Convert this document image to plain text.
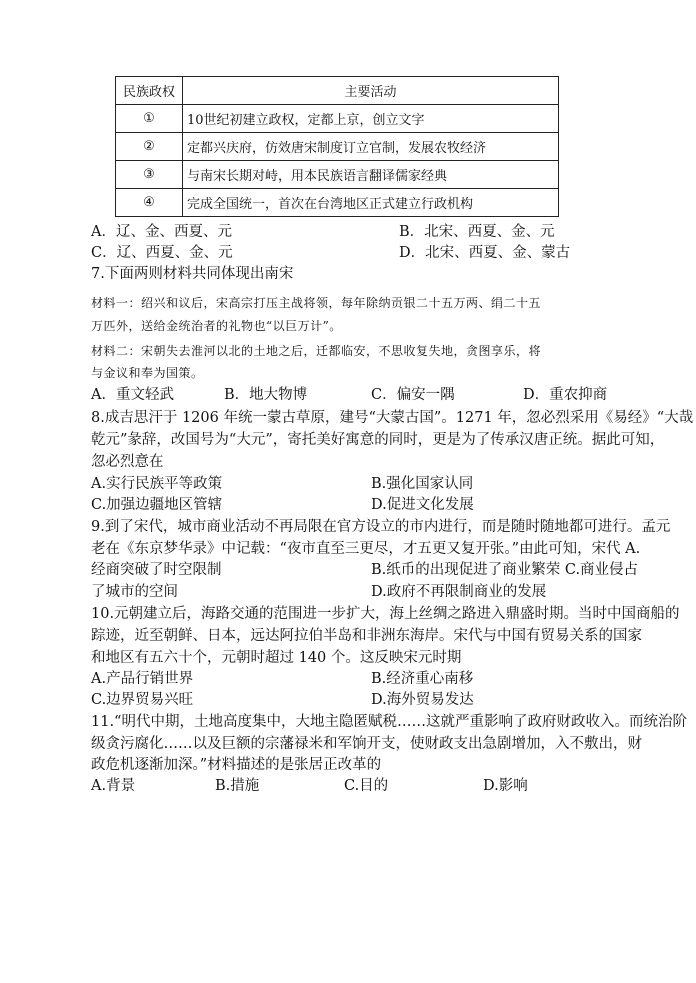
民族政权	主要活动
①	10世纪初建立政权，定都上京，创立文字
②	定都兴庆府，仿效唐宋制度订立官制，发展农牧经济
③	与南宋长期对峙，用本民族语言翻译儒家经典
④	完成全国统一，首次在台湾地区正式建立行政机构
A．辽、金、西夏、元	B．北宋、西夏、金、元
C．辽、西夏、金、元	D．北宋、西夏、金、蒙古
7.下面两则材料共同体现出南宋
材料一：绍兴和议后，宋高宗打压主战将领，每年除纳贡银二十五万两、绢二十五
万匹外，送给金统治者的礼物也“以巨万计”。
材料二：宋朝失去淮河以北的土地之后，迁都临安，不思收复失地，贪图享乐，将
与金议和奉为国策。
A．重文轻武	B．地大物博	C．偏安一隅	D．重农抑商
8.成吉思汗于 1206 年统一蒙古草原，建号“大蒙古国”。1271 年，忽必烈采用《易经》“大哉
乾元”彖辞，改国号为“大元”，寄托美好寓意的同时，更是为了传承汉唐正统。据此可知，
忽必烈意在
A.实行民族平等政策	B.强化国家认同
C.加强边疆地区管辖	D.促进文化发展
9.到了宋代，城市商业活动不再局限在官方设立的市内进行，而是随时随地都可进行。孟元
老在《东京梦华录》中记载：“夜市直至三更尽，才五更又复开张。”由此可知，宋代 A.
经商突破了时空限制	B.纸币的出现促进了商业繁荣 C.商业侵占
了城市的空间	D.政府不再限制商业的发展
10.元朝建立后，海路交通的范围进一步扩大，海上丝绸之路进入鼎盛时期。当时中国商船的
踪迹，近至朝鲜、日本，远达阿拉伯半岛和非洲东海岸。宋代与中国有贸易关系的国家
和地区有五六十个，元朝时超过 140 个。这反映宋元时期
A.产品行销世界	B.经济重心南移
C.边界贸易兴旺	D.海外贸易发达
11.“明代中期，土地高度集中，大地主隐匿赋税……这就严重影响了政府财政收入。而统治阶
级贪污腐化……以及巨额的宗藩禄米和军饷开支，使财政支出急剧增加，入不敷出，财
政危机逐渐加深。”材料描述的是张居正改革的
A.背景	B.措施	C.目的	D.影响
